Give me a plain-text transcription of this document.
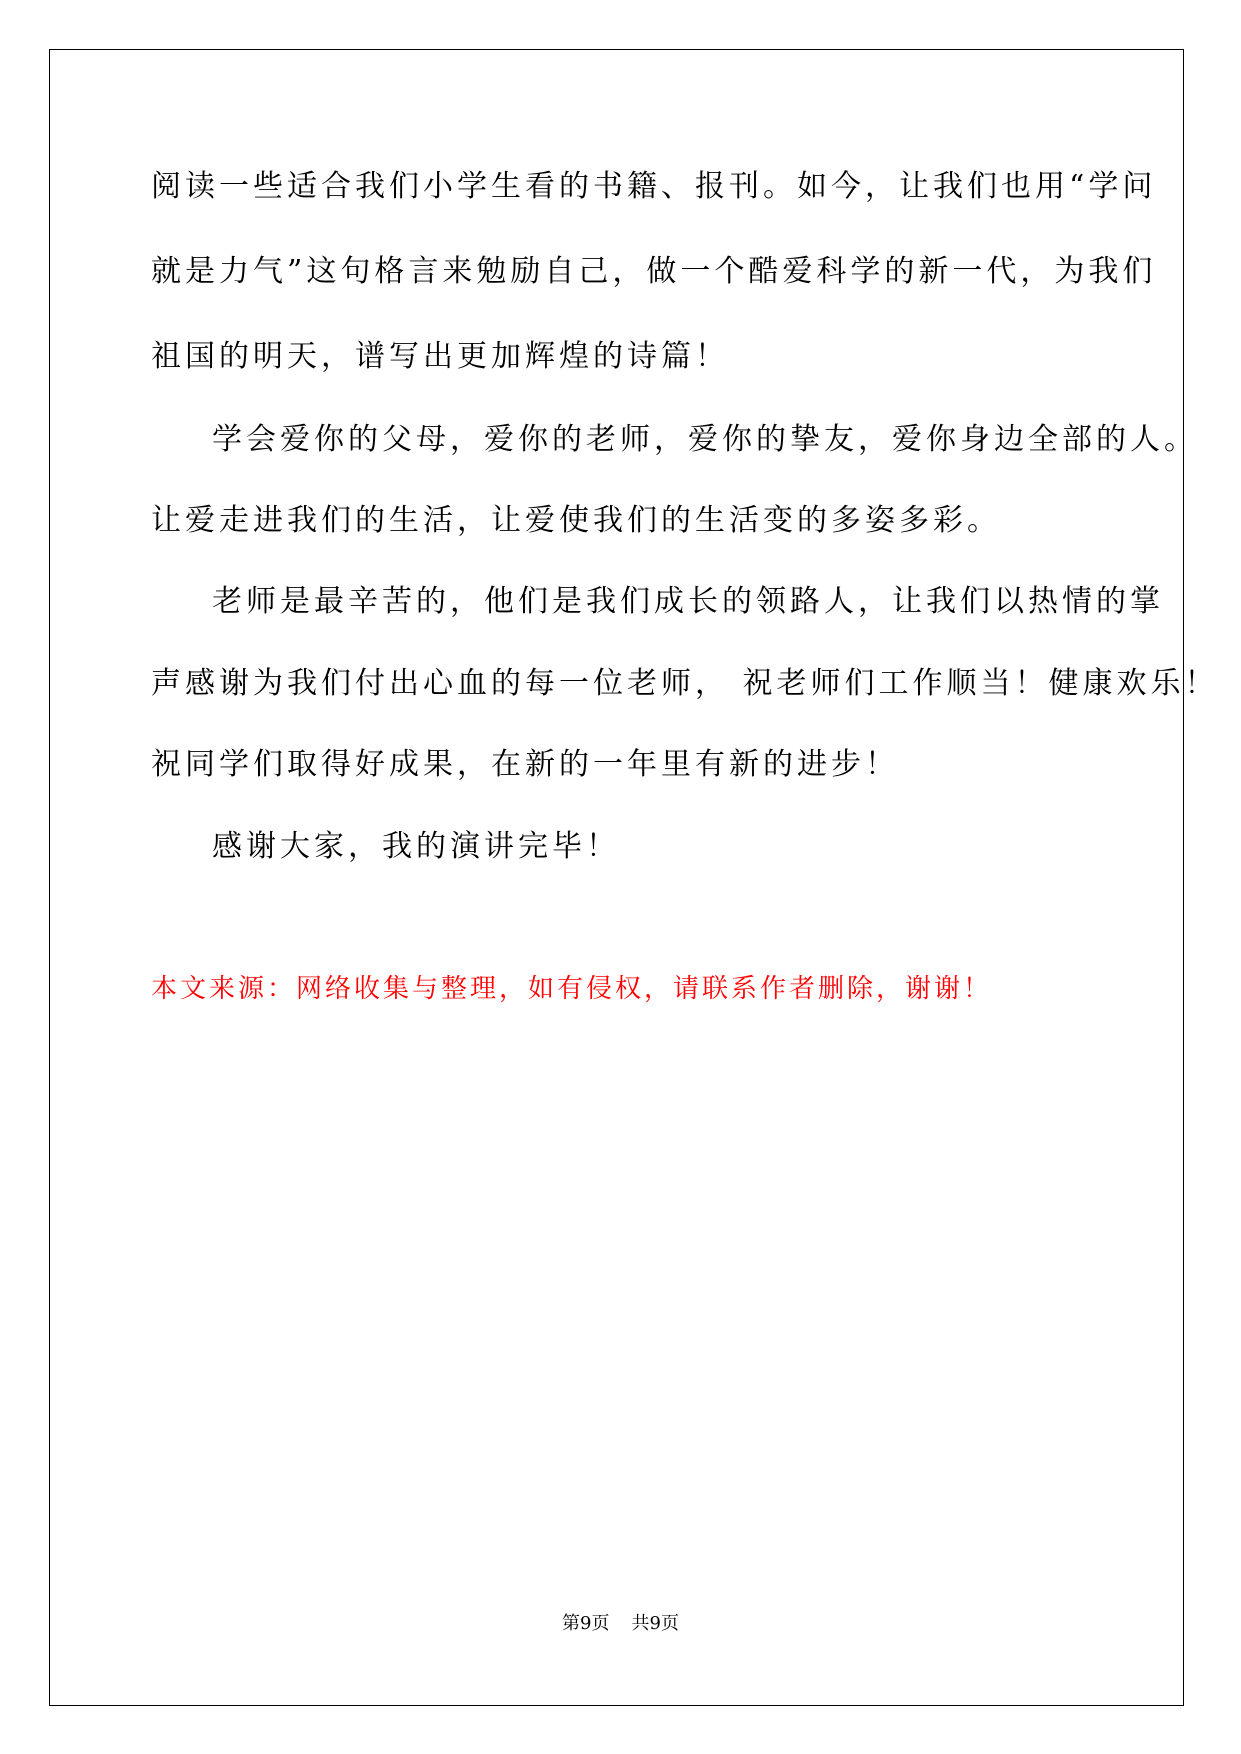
阅读一些适合我们小学生看的书籍、报刊。如今，让我们也用“学问
就是力气”这句格言来勉励自己，做一个酷爱科学的新一代，为我们
祖国的明天，谱写出更加辉煌的诗篇！
学会爱你的父母，爱你的老师，爱你的挚友，爱你身边全部的人。
让爱走进我们的生活，让爱使我们的生活变的多姿多彩。
老师是最辛苦的，他们是我们成长的领路人，让我们以热情的掌
声感谢为我们付出心血的每一位老师， 祝老师们工作顺当！健康欢乐！
祝同学们取得好成果，在新的一年里有新的进步！
感谢大家，我的演讲完毕！
本文来源：网络收集与整理，如有侵权，请联系作者删除，谢谢！
第9页 共9页
